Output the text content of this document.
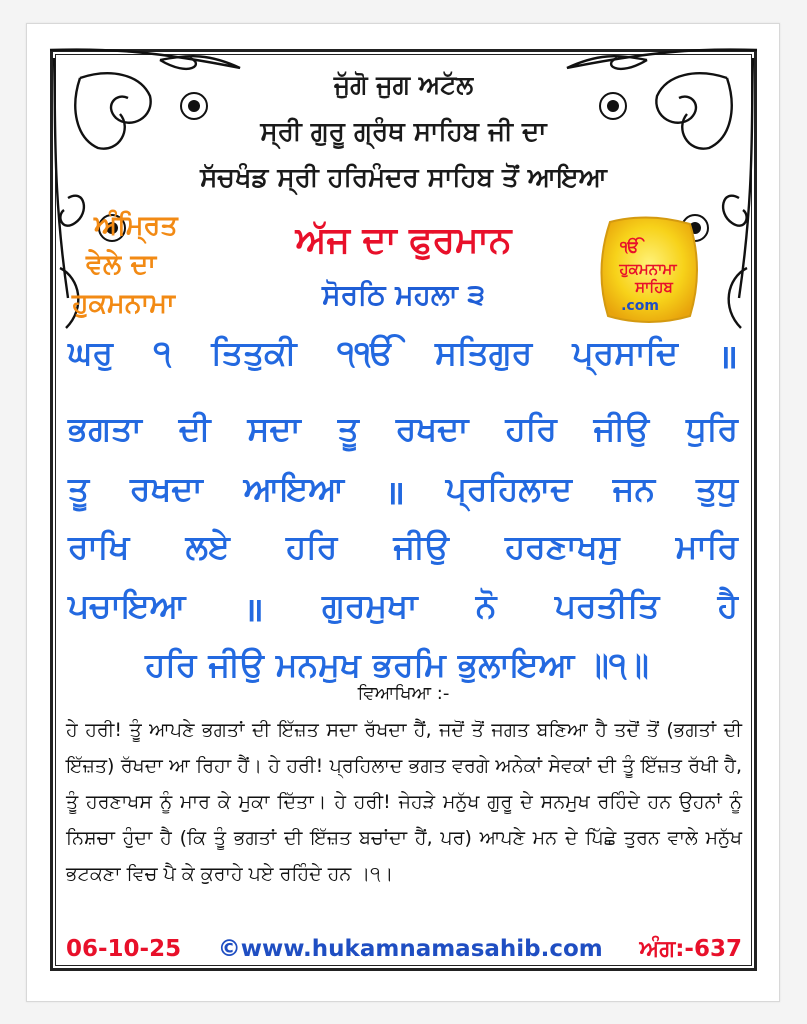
ਜੁੱਗੋ ਜੁਗ ਅਟੱਲ
ਸ੍ਰੀ ਗੁਰੂ ਗ੍ਰੰਥ ਸਾਹਿਬ ਜੀ ਦਾ
ਸੱਚਖੰਡ ਸ੍ਰੀ ਹਰਿਮੰਦਰ ਸਾਹਿਬ ਤੋਂ ਆਇਆ
ਅੰਮ੍ਰਿਤ
ਵੇਲੇ ਦਾ
ਹੁਕਮਨਾਮਾ
ਅੱਜ ਦਾ ਫੁਰਮਾਨ
ਸੋਰਠਿ ਮਹਲਾ ੩
ੴ
ਹੁਕਮਨਾਮਾ
ਸਾਹਿਬ
.com
ਘਰੁ ੧ ਤਿਤੁਕੀ ੧ੴ ਸਤਿਗੁਰ ਪ੍ਰਸਾਦਿ ॥
ਭਗਤਾ ਦੀ ਸਦਾ ਤੂ ਰਖਦਾ ਹਰਿ ਜੀਉ ਧੁਰਿ
ਤੂ ਰਖਦਾ ਆਇਆ ॥ ਪ੍ਰਹਿਲਾਦ ਜਨ ਤੁਧੁ
ਰਾਖਿ ਲਏ ਹਰਿ ਜੀਉ ਹਰਣਾਖਸੁ ਮਾਰਿ
ਪਚਾਇਆ ॥ ਗੁਰਮੁਖਾ ਨੋ ਪਰਤੀਤਿ ਹੈ
ਹਰਿ ਜੀਉ ਮਨਮੁਖ ਭਰਮਿ ਭੁਲਾਇਆ ॥੧॥
ਵਿਆਖਿਆ :-
ਹੇ ਹਰੀ! ਤੂੰ ਆਪਣੇ ਭਗਤਾਂ ਦੀ ਇੱਜ਼ਤ ਸਦਾ ਰੱਖਦਾ ਹੈਂ, ਜਦੋਂ ਤੋਂ ਜਗਤ ਬਣਿਆ ਹੈ ਤਦੋਂ ਤੋਂ (ਭਗਤਾਂ ਦੀ ਇੱਜ਼ਤ) ਰੱਖਦਾ ਆ ਰਿਹਾ ਹੈਂ। ਹੇ ਹਰੀ! ਪ੍ਰਹਿਲਾਦ ਭਗਤ ਵਰਗੇ ਅਨੇਕਾਂ ਸੇਵਕਾਂ ਦੀ ਤੂੰ ਇੱਜ਼ਤ ਰੱਖੀ ਹੈ, ਤੂੰ ਹਰਣਾਖਸ ਨੂੰ ਮਾਰ ਕੇ ਮੁਕਾ ਦਿੱਤਾ। ਹੇ ਹਰੀ! ਜੇਹੜੇ ਮਨੁੱਖ ਗੁਰੂ ਦੇ ਸਨਮੁਖ ਰਹਿੰਦੇ ਹਨ ਉਹਨਾਂ ਨੂੰ ਨਿਸ਼ਚਾ ਹੁੰਦਾ ਹੈ (ਕਿ ਤੂੰ ਭਗਤਾਂ ਦੀ ਇੱਜ਼ਤ ਬਚਾਂਦਾ ਹੈਂ, ਪਰ) ਆਪਣੇ ਮਨ ਦੇ ਪਿੱਛੇ ਤੁਰਨ ਵਾਲੇ ਮਨੁੱਖ ਭਟਕਣਾ ਵਿਚ ਪੈ ਕੇ ਕੁਰਾਹੇ ਪਏ ਰਹਿੰਦੇ ਹਨ ।੧।
06-10-25 ©www.hukamnamasahib.com ਅੰਗ:-637
